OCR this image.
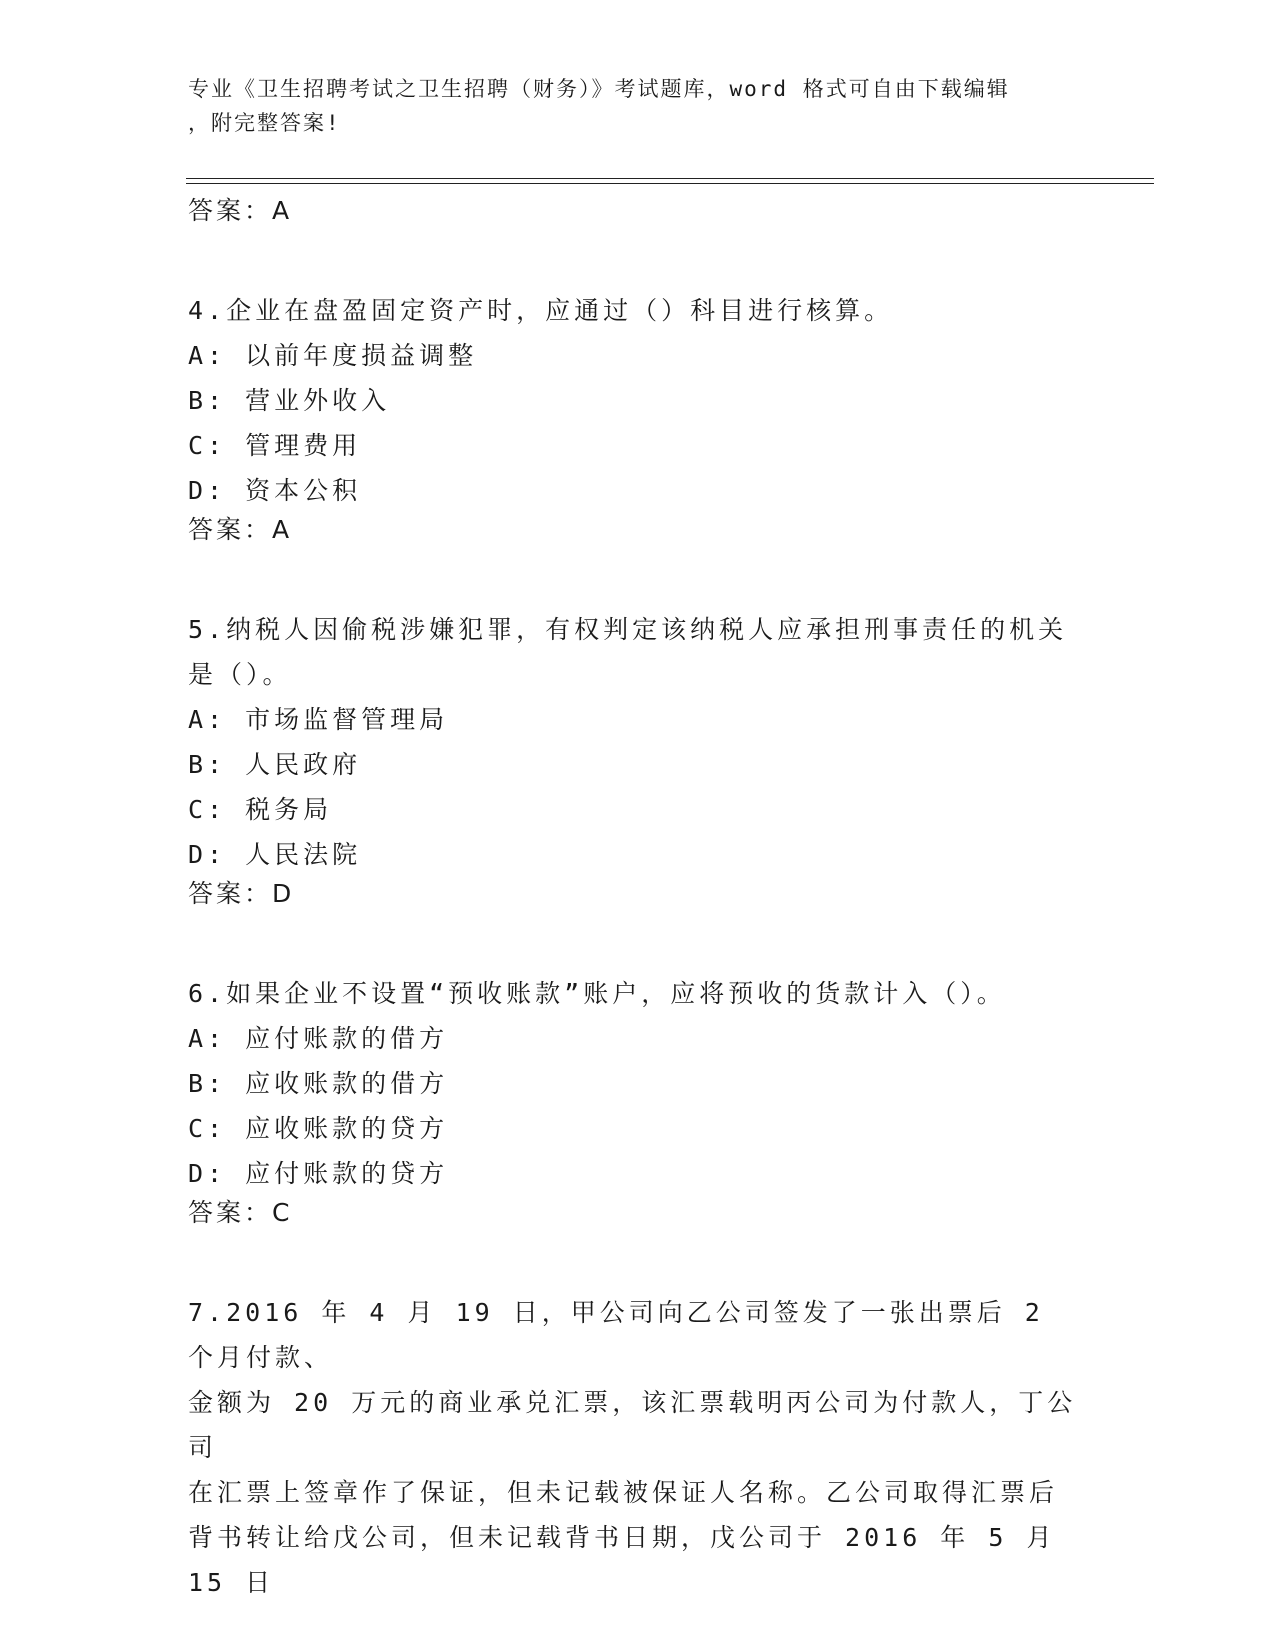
专业《卫生招聘考试之卫生招聘（财务）》考试题库，word 格式可自由下载编辑
，附完整答案!
答案：A
4.企业在盘盈固定资产时，应通过（）科目进行核算。
A: 以前年度损益调整
B: 营业外收入
C: 管理费用
D: 资本公积
答案：A
5.纳税人因偷税涉嫌犯罪，有权判定该纳税人应承担刑事责任的机关
是（）。
A: 市场监督管理局
B: 人民政府
C: 税务局
D: 人民法院
答案：D
6.如果企业不设置“预收账款”账户，应将预收的货款计入（）。
A: 应付账款的借方
B: 应收账款的借方
C: 应收账款的贷方
D: 应付账款的贷方
答案：C
7.2016 年 4 月 19 日，甲公司向乙公司签发了一张出票后 2 个月付款、
金额为 20 万元的商业承兑汇票，该汇票载明丙公司为付款人，丁公司
在汇票上签章作了保证，但未记载被保证人名称。乙公司取得汇票后
背书转让给戊公司，但未记载背书日期，戊公司于 2016 年 5 月 15 日
